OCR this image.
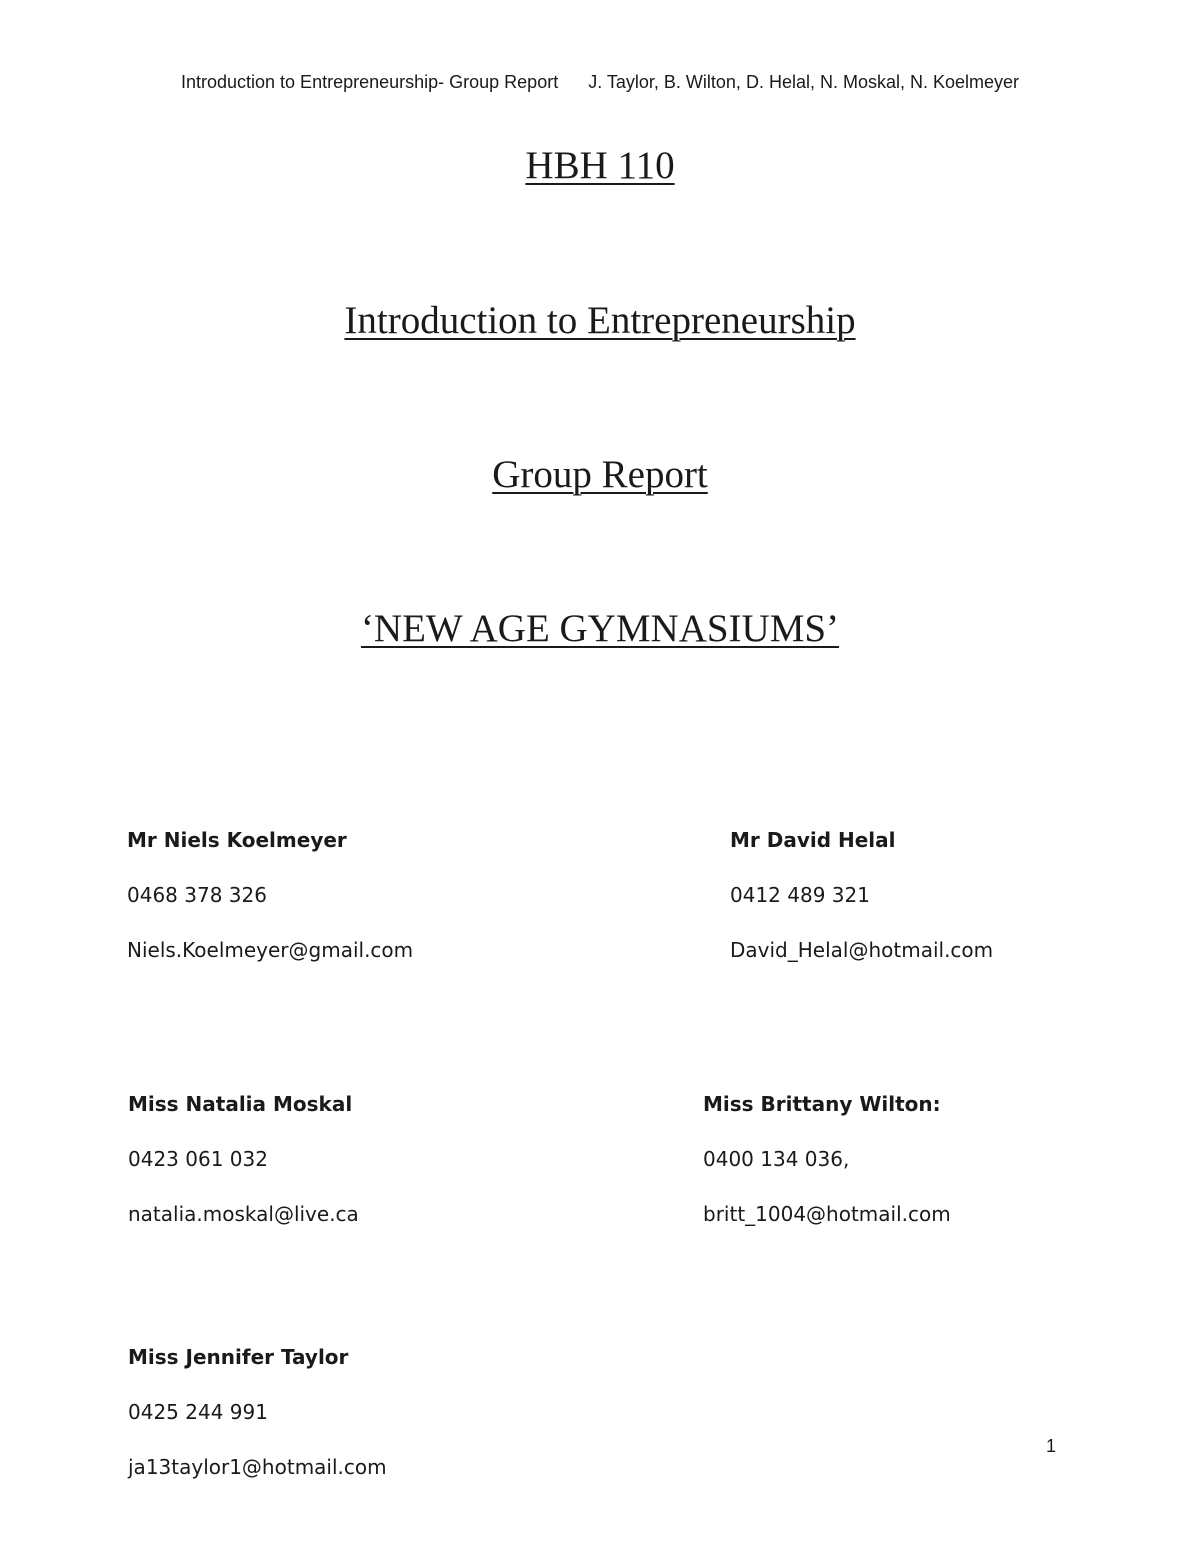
Introduction to Entrepreneurship- Group Report J. Taylor, B. Wilton, D. Helal, N. Moskal, N. Koelmeyer
HBH 110
Introduction to Entrepreneurship
Group Report
‘NEW AGE GYMNASIUMS’
Mr Niels Koelmeyer
0468 378 326
Niels.Koelmeyer@gmail.com
Mr David Helal
0412 489 321
David_Helal@hotmail.com
Miss Natalia Moskal
0423 061 032
natalia.moskal@live.ca
Miss Brittany Wilton:
0400 134 036,
britt_1004@hotmail.com
Miss Jennifer Taylor
0425 244 991
ja13taylor1@hotmail.com
1
